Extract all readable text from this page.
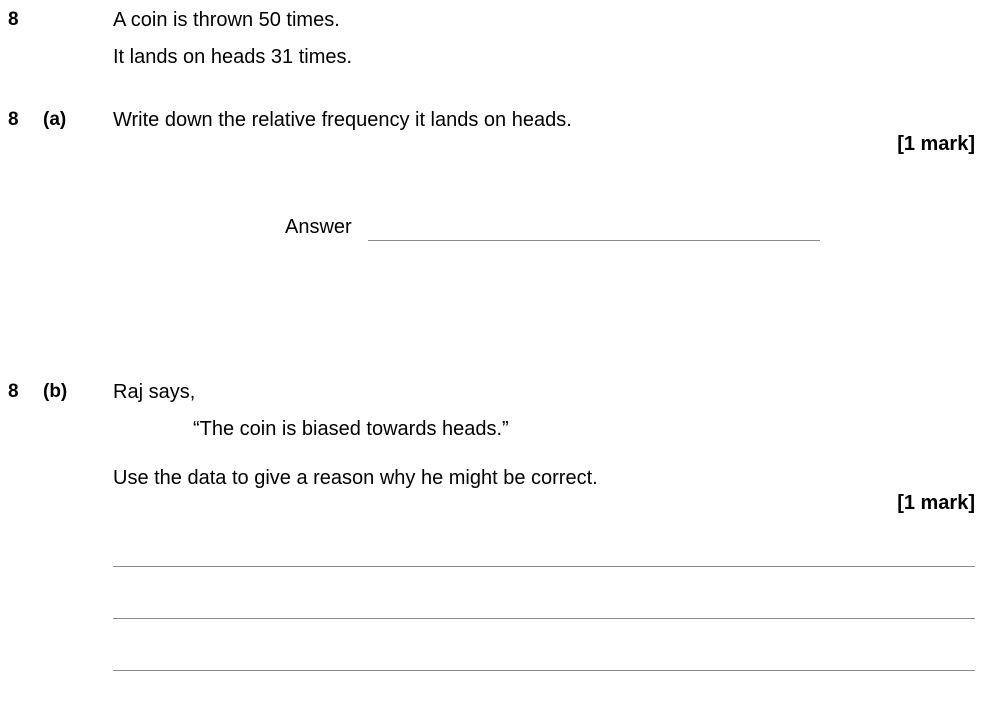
8	A coin is thrown 50 times.
It lands on heads 31 times.
8 (a) Write down the relative frequency it lands on heads.
[1 mark]
Answer
8 (b) Raj says,
“The coin is biased towards heads.”
Use the data to give a reason why he might be correct.
[1 mark]
